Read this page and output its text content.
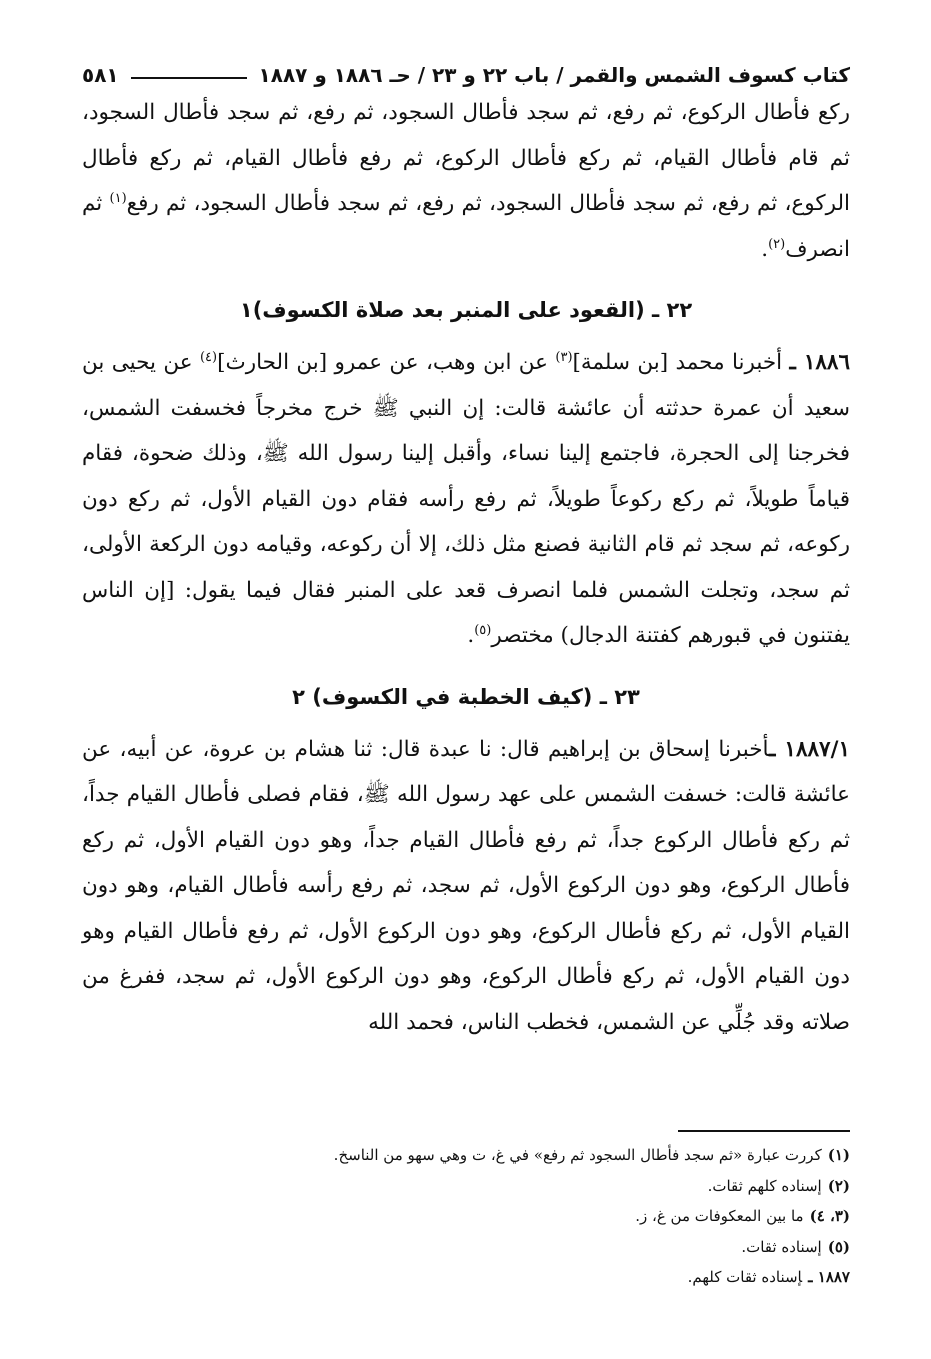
كتاب كسوف الشمس والقمر / باب ٢٢ و ٢٣ / حـ ١٨٨٦ و ١٨٨٧
٥٨١

ركع فأطال الركوع، ثم رفع، ثم سجد فأطال السجود، ثم رفع، ثم سجد فأطال السجود، ثم قام فأطال القيام، ثم ركع فأطال الركوع، ثم رفع فأطال القيام، ثم ركع فأطال الركوع، ثم رفع، ثم سجد فأطال السجود، ثم رفع، ثم سجد فأطال السجود، ثم رفع$^{(١)}$ ثم انصرف$^{(٢)}$.

٢٢ ـ (القعود على المنبر بعد صلاة الكسوف)١

١٨٨٦ ـ أخبرنا محمد [بن سلمة]$^{(٣)}$ عن ابن وهب، عن عمرو [بن الحارث]$^{(٤)}$ عن يحيى بن سعيد أن عمرة حدثته أن عائشة قالت: إن النبي ﷺ خرج مخرجاً فخسفت الشمس، فخرجنا إلى الحجرة، فاجتمع إلينا نساء، وأقبل إلينا رسول الله ﷺ، وذلك ضحوة، فقام قياماً طويلاً، ثم ركع ركوعاً طويلاً، ثم رفع رأسه فقام دون القيام الأول، ثم ركع دون ركوعه، ثم سجد ثم قام الثانية فصنع مثل ذلك، إلا أن ركوعه، وقيامه دون الركعة الأولى، ثم سجد، وتجلت الشمس فلما انصرف قعد على المنبر فقال فيما يقول: [إن الناس يفتنون في قبورهم كفتنة الدجال) مختصر$^{(٥)}$.

٢٣ ـ (كيف الخطبة في الكسوف) ٢

١٨٨٧/١ ـأخبرنا إسحاق بن إبراهيم قال: نا عبدة قال: ثنا هشام بن عروة، عن أبيه، عن عائشة قالت: خسفت الشمس على عهد رسول الله ﷺ، فقام فصلى فأطال القيام جداً، ثم ركع فأطال الركوع جداً، ثم رفع فأطال القيام جداً، وهو دون القيام الأول، ثم ركع فأطال الركوع، وهو دون الركوع الأول، ثم سجد، ثم رفع رأسه فأطال القيام، وهو دون القيام الأول، ثم ركع فأطال الركوع، وهو دون الركوع الأول، ثم رفع فأطال القيام وهو دون القيام الأول، ثم ركع فأطال الركوع، وهو دون الركوع الأول، ثم سجد، ففرغ من صلاته وقد جُلِّي عن الشمس، فخطب الناس، فحمد الله

(١)كررت عبارة «ثم سجد فأطال السجود ثم رفع» في غ، ت وهي سهو من الناسخ.

(٢)إسناده كلهم ثقات.

(٣، ٤)ما بين المعكوفات من غ، ز.

(٥)إسناده ثقات.

١٨٨٧ ـإسناده ثقات كلهم.
